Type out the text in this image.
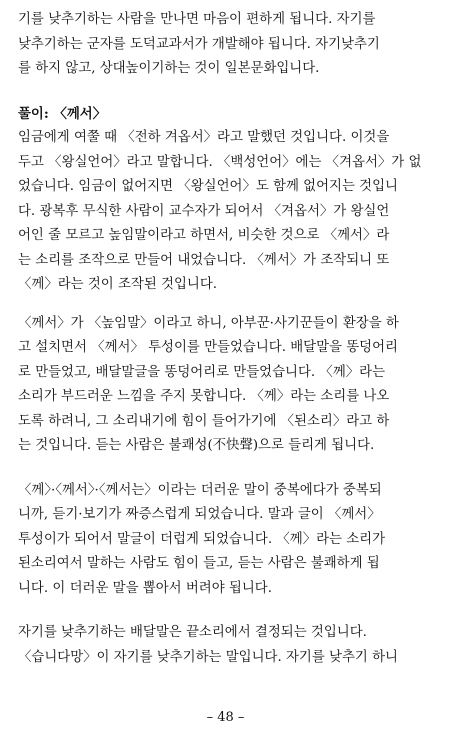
기를 낮추기하는 사람을 만나면 마음이 편하게 됩니다. 자기를
낮추기하는 군자를 도덕교과서가 개발해야 됩니다. 자기낮추기
를 하지 않고, 상대높이기하는 것이 일본문화입니다.
풀이: 〈께서〉
임금에게 여쭐 때 〈전하 겨옵서〉라고 말했던 것입니다. 이것을
두고 〈왕실언어〉라고 말합니다. 〈백성언어〉에는 〈겨옵서〉가 없
었습니다. 임금이 없어지면 〈왕실언어〉도 함께 없어지는 것입니
다. 광복후 무식한 사람이 교수자가 되어서 〈겨옵서〉가 왕실언
어인 줄 모르고 높임말이라고 하면서, 비슷한 것으로 〈께서〉라
는 소리를 조작으로 만들어 내었습니다. 〈께서〉가 조작되니 또
〈께〉라는 것이 조작된 것입니다.
〈께서〉가 〈높임말〉이라고 하니, 아부꾼·사기꾼들이 환장을 하
고 설치면서 〈께서〉 투성이를 만들었습니다. 배달말을 똥덩어리
로 만들었고, 배달말글을 똥덩어리로 만들었습니다. 〈께〉라는
소리가 부드러운 느낌을 주지 못합니다. 〈께〉라는 소리를 나오
도록 하려니, 그 소리내기에 힘이 들어가기에 〈된소리〉라고 하
는 것입니다. 듣는 사람은 불쾌성(不快聲)으로 들리게 됩니다.
〈께〉·〈께서〉·〈께서는〉이라는 더러운 말이 중복에다가 중복되
니까, 듣기·보기가 짜증스럽게 되었습니다. 말과 글이 〈께서〉
투성이가 되어서 말글이 더럽게 되었습니다. 〈께〉라는 소리가
된소리여서 말하는 사람도 힘이 들고, 듣는 사람은 불쾌하게 됩
니다. 이 더러운 말을 뽑아서 버려야 됩니다.
자기를 낮추기하는 배달말은 끝소리에서 결정되는 것입니다.
〈습니다망〉이 자기를 낮추기하는 말입니다. 자기를 낮추기 하니
– 48 –
